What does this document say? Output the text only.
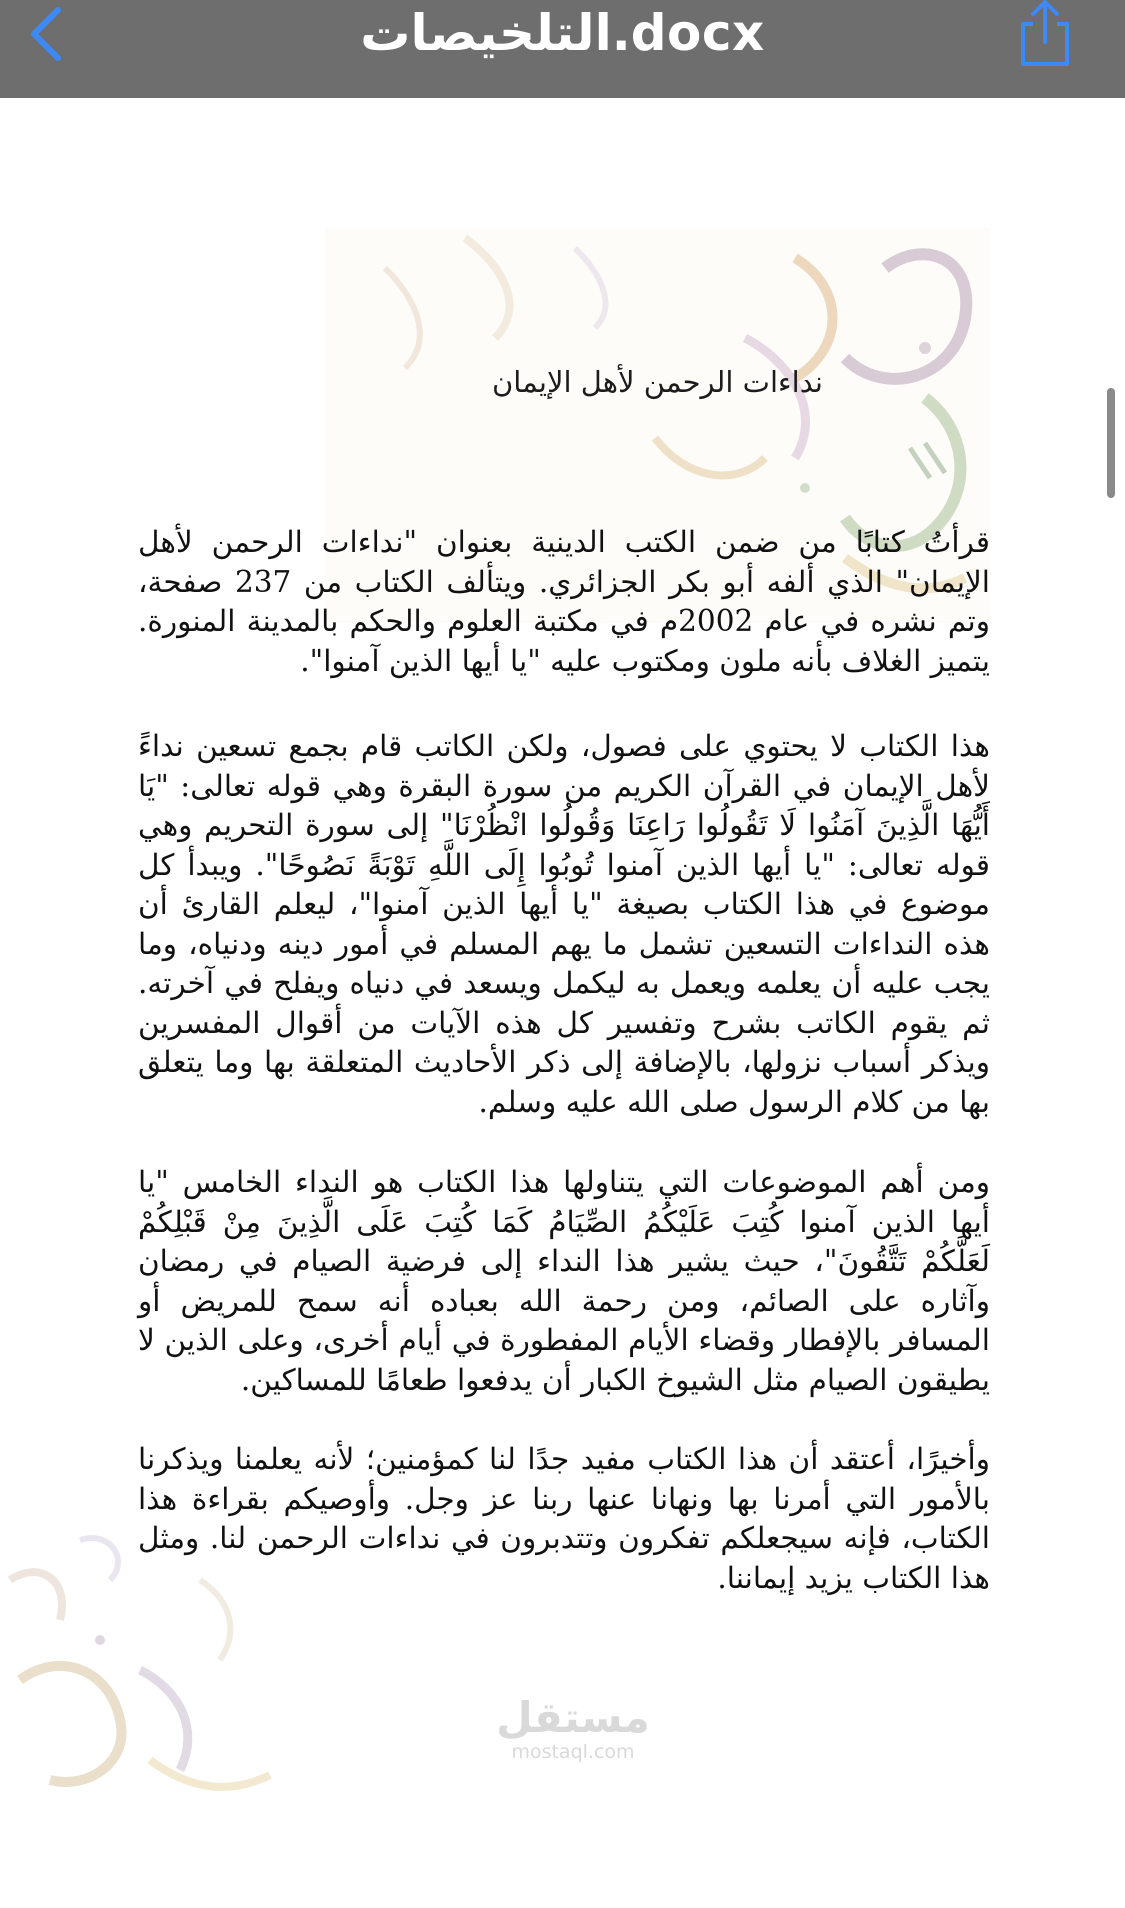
التلخيصات.docx
نداءات الرحمن لأهل الإيمان

قرأتُ كتابًا من ضمن الكتب الدينية بعنوان "نداءات الرحمن لأهل الإيمان" الذي ألفه أبو بكر الجزائري. ويتألف الكتاب من 237 صفحة، وتم نشره في عام 2002م في مكتبة العلوم والحكم بالمدينة المنورة. يتميز الغلاف بأنه ملون ومكتوب عليه "يا أيها الذين آمنوا".

هذا الكتاب لا يحتوي على فصول، ولكن الكاتب قام بجمع تسعين نداءً لأهل الإيمان في القرآن الكريم من سورة البقرة وهي قوله تعالى: "يَا أَيُّهَا الَّذِينَ آمَنُوا لَا تَقُولُوا رَاعِنَا وَقُولُوا انْظُرْنَا" إلى سورة التحريم وهي قوله تعالى: "يا أيها الذين آمنوا تُوبُوا إِلَى اللَّهِ تَوْبَةً نَصُوحًا". ويبدأ كل موضوع في هذا الكتاب بصيغة "يا أيها الذين آمنوا"، ليعلم القارئ أن هذه النداءات التسعين تشمل ما يهم المسلم في أمور دينه ودنياه، وما يجب عليه أن يعلمه ويعمل به ليكمل ويسعد في دنياه ويفلح في آخرته. ثم يقوم الكاتب بشرح وتفسير كل هذه الآيات من أقوال المفسرين ويذكر أسباب نزولها، بالإضافة إلى ذكر الأحاديث المتعلقة بها وما يتعلق بها من كلام الرسول صلى الله عليه وسلم.

ومن أهم الموضوعات التي يتناولها هذا الكتاب هو النداء الخامس "يا أيها الذين آمنوا كُتِبَ عَلَيْكُمُ الصِّيَامُ كَمَا كُتِبَ عَلَى الَّذِينَ مِنْ قَبْلِكُمْ لَعَلَّكُمْ تَتَّقُونَ"، حيث يشير هذا النداء إلى فرضية الصيام في رمضان وآثاره على الصائم، ومن رحمة الله بعباده أنه سمح للمريض أو المسافر بالإفطار وقضاء الأيام المفطورة في أيام أخرى، وعلى الذين لا يطيقون الصيام مثل الشيوخ الكبار أن يدفعوا طعامًا للمساكين.

وأخيرًا، أعتقد أن هذا الكتاب مفيد جدًا لنا كمؤمنين؛ لأنه يعلمنا ويذكرنا بالأمور التي أمرنا بها ونهانا عنها ربنا عز وجل. وأوصيكم بقراءة هذا الكتاب، فإنه سيجعلكم تفكرون وتتدبرون في نداءات الرحمن لنا. ومثل هذا الكتاب يزيد إيماننا.

مستقل
mostaql.com
